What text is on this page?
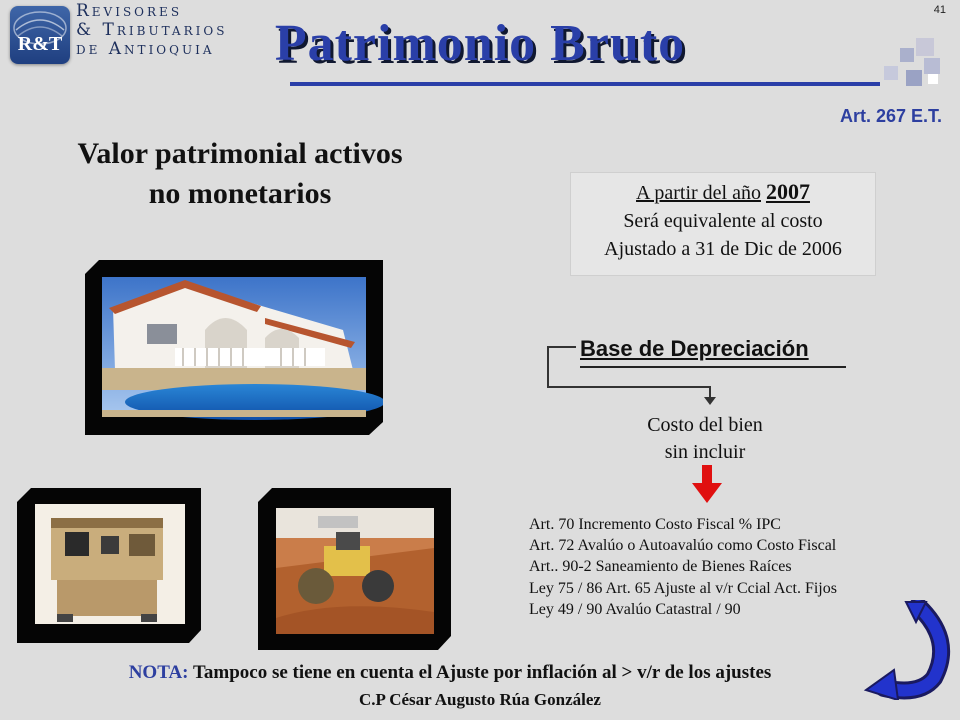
R&T
Revisores
& Tributarios
de Antioquia
41
Patrimonio Bruto
Art. 267 E.T.
Valor patrimonial activos
no monetarios	A partir del año 2007
Será equivalente al costo
Ajustado a 31 de Dic de 2006
Base de Depreciación
Costo del bien
sin incluir
Art. 70 Incremento Costo Fiscal % IPC
Art. 72 Avalúo o Autoavalúo como Costo Fiscal
Art.. 90-2 Saneamiento de Bienes Raíces
Ley 75 / 86 Art. 65 Ajuste al v/r Ccial Act. Fijos
Ley 49 / 90 Avalúo Catastral / 90
NOTA: Tampoco se tiene en cuenta el Ajuste por inflación al > v/r de los ajustes
C.P César Augusto Rúa González
